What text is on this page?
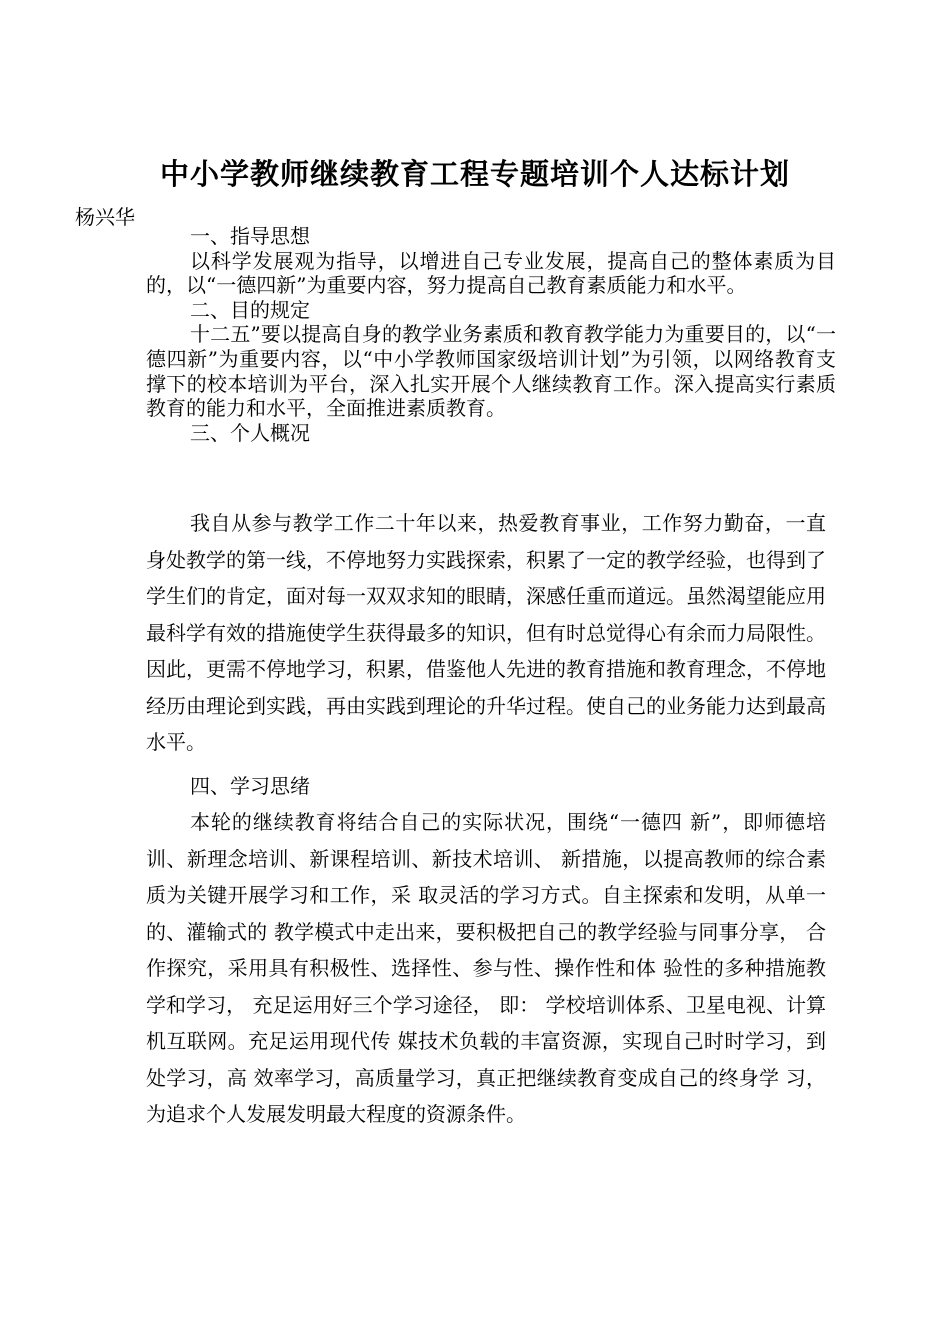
中小学教师继续教育工程专题培训个人达标计划
杨兴华

一、指导思想

以科学发展观为指导，以增进自己专业发展，提高自己的整体素质为目的，以“一德四新”为重要内容，努力提高自己教育素质能力和水平。

二、目的规定

十二五”要以提高自身的教学业务素质和教育教学能力为重要目的，以“一德四新”为重要内容，以“中小学教师国家级培训计划”为引领，以网络教育支撑下的校本培训为平台，深入扎实开展个人继续教育工作。深入提高实行素质教育的能力和水平，全面推进素质教育。

三、个人概况

我自从参与教学工作二十年以来，热爱教育事业，工作努力勤奋，一直身处教学的第一线，不停地努力实践探索，积累了一定的教学经验，也得到了学生们的肯定，面对每一双双求知的眼睛，深感任重而道远。虽然渴望能应用最科学有效的措施使学生获得最多的知识，但有时总觉得心有余而力局限性。因此，更需不停地学习，积累，借鉴他人先进的教育措施和教育理念，不停地经历由理论到实践，再由实践到理论的升华过程。使自己的业务能力达到最高水平。

四、学习思绪

本轮的继续教育将结合自己的实际状况，围绕“一德四 新”，即师德培训、新理念培训、新课程培训、新技术培训、 新措施，以提高教师的综合素质为关键开展学习和工作，采 取灵活的学习方式。自主探索和发明，从单一的、灌输式的 教学模式中走出来，要积极把自己的教学经验与同事分享， 合作探究，采用具有积极性、选择性、参与性、操作性和体 验性的多种措施教学和学习， 充足运用好三个学习途径， 即： 学校培训体系、卫星电视、计算机互联网。充足运用现代传 媒技术负载的丰富资源，实现自己时时学习，到处学习，高 效率学习，高质量学习，真正把继续教育变成自己的终身学 习，为追求个人发展发明最大程度的资源条件。
